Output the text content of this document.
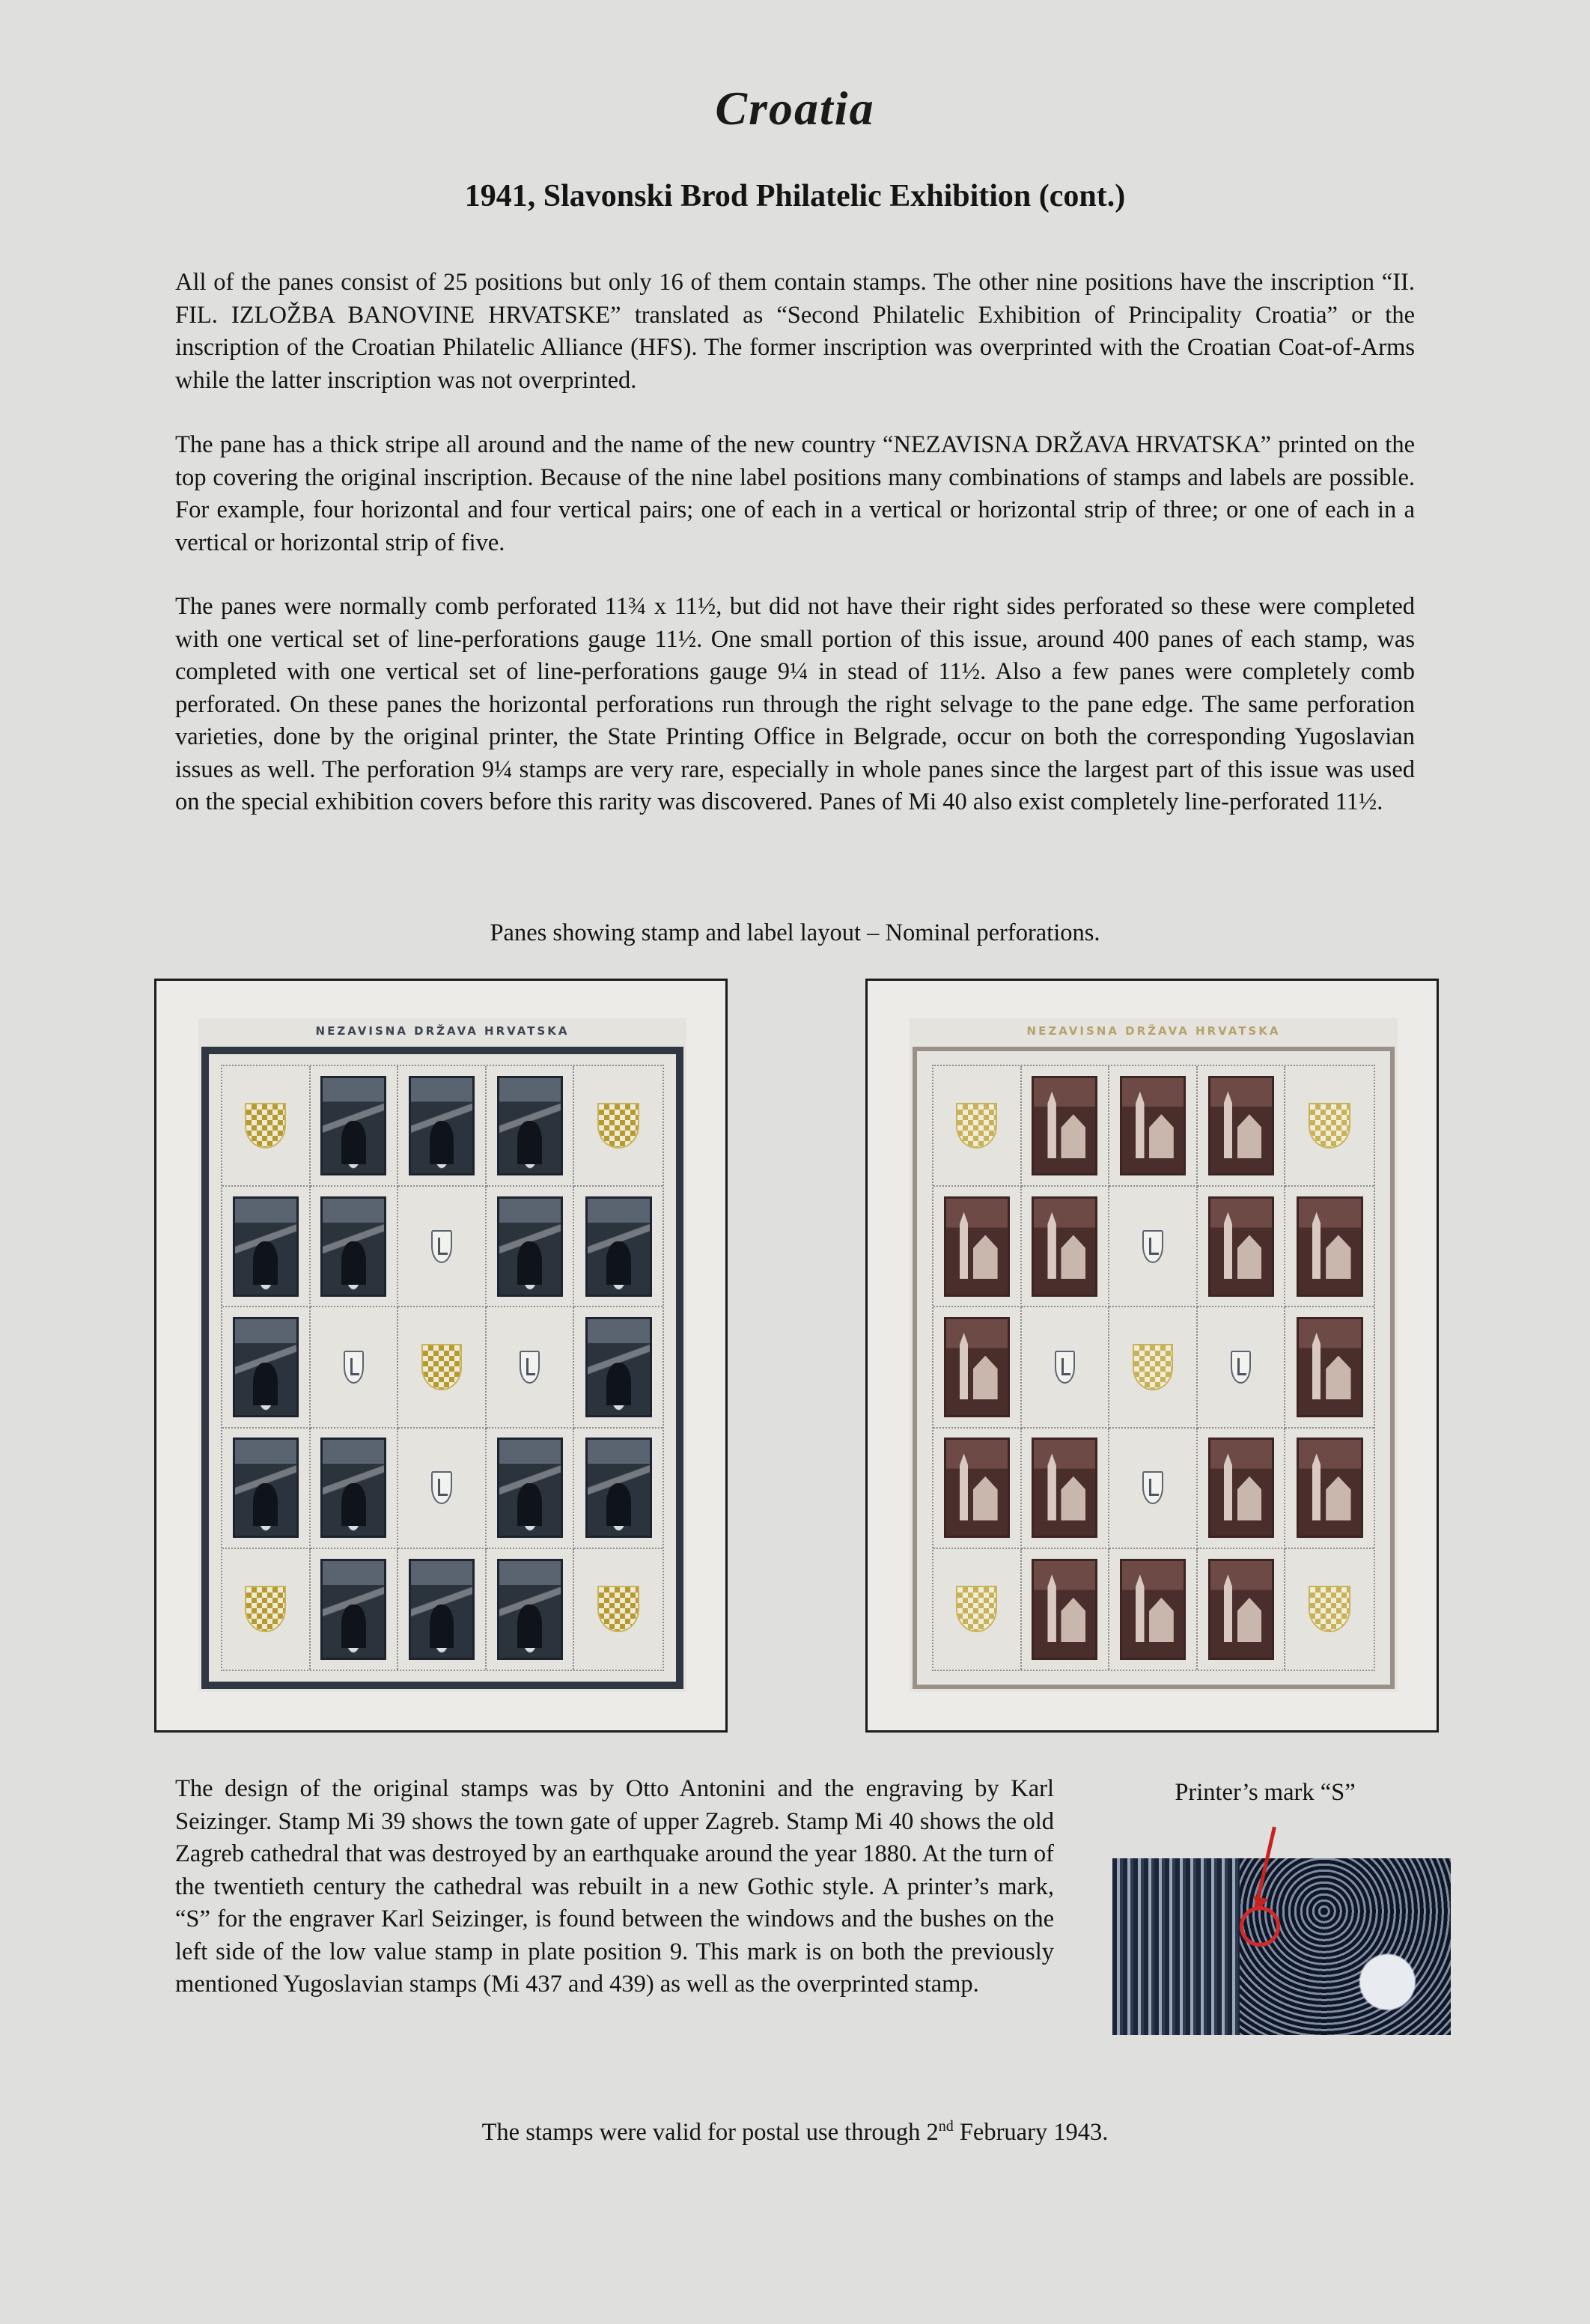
Croatia
1941, Slavonski Brod Philatelic Exhibition (cont.)

All of the panes consist of 25 positions but only 16 of them contain stamps. The other nine positions have the inscription “II. FIL. IZLOŽBA BANOVINE HRVATSKE” translated as “Second Philatelic Exhibition of Principality Croatia” or the inscription of the Croatian Philatelic Alliance (HFS). The former inscription was overprinted with the Croatian Coat-of-Arms while the latter inscription was not overprinted.

The pane has a thick stripe all around and the name of the new country “NEZAVISNA DRŽAVA HRVATSKA” printed on the top covering the original inscription. Because of the nine label positions many combinations of stamps and labels are possible. For example, four horizontal and four vertical pairs; one of each in a vertical or horizontal strip of three; or one of each in a vertical or horizontal strip of five.

The panes were normally comb perforated 11¾ x 11½, but did not have their right sides perforated so these were completed with one vertical set of line-perforations gauge 11½. One small portion of this issue, around 400 panes of each stamp, was completed with one vertical set of line-perforations gauge 9¼ in stead of 11½. Also a few panes were completely comb perforated. On these panes the horizontal perforations run through the right selvage to the pane edge. The same perforation varieties, done by the original printer, the State Printing Office in Belgrade, occur on both the corresponding Yugoslavian issues as well. The perforation 9¼ stamps are very rare, especially in whole panes since the largest part of this issue was used on the special exhibition covers before this rarity was discovered. Panes of Mi 40 also exist completely line-perforated 11½.

Panes showing stamp and label layout – Nominal perforations.
NEZAVISNA DRŽAVA HRVATSKA	NEZAVISNA DRŽAVA HRVATSKA

The design of the original stamps was by Otto Antonini and the engraving by Karl Seizinger. Stamp Mi 39 shows the town gate of upper Zagreb. Stamp Mi 40 shows the old Zagreb cathedral that was destroyed by an earthquake around the year 1880. At the turn of the twentieth century the cathedral was rebuilt in a new Gothic style. A printer’s mark, “S” for the engraver Karl Seizinger, is found between the windows and the bushes on the left side of the low value stamp in plate position 9. This mark is on both the previously mentioned Yugoslavian stamps (Mi 437 and 439) as well as the overprinted stamp.

Printer’s mark “S”
The stamps were valid for postal use through 2nd February 1943.
